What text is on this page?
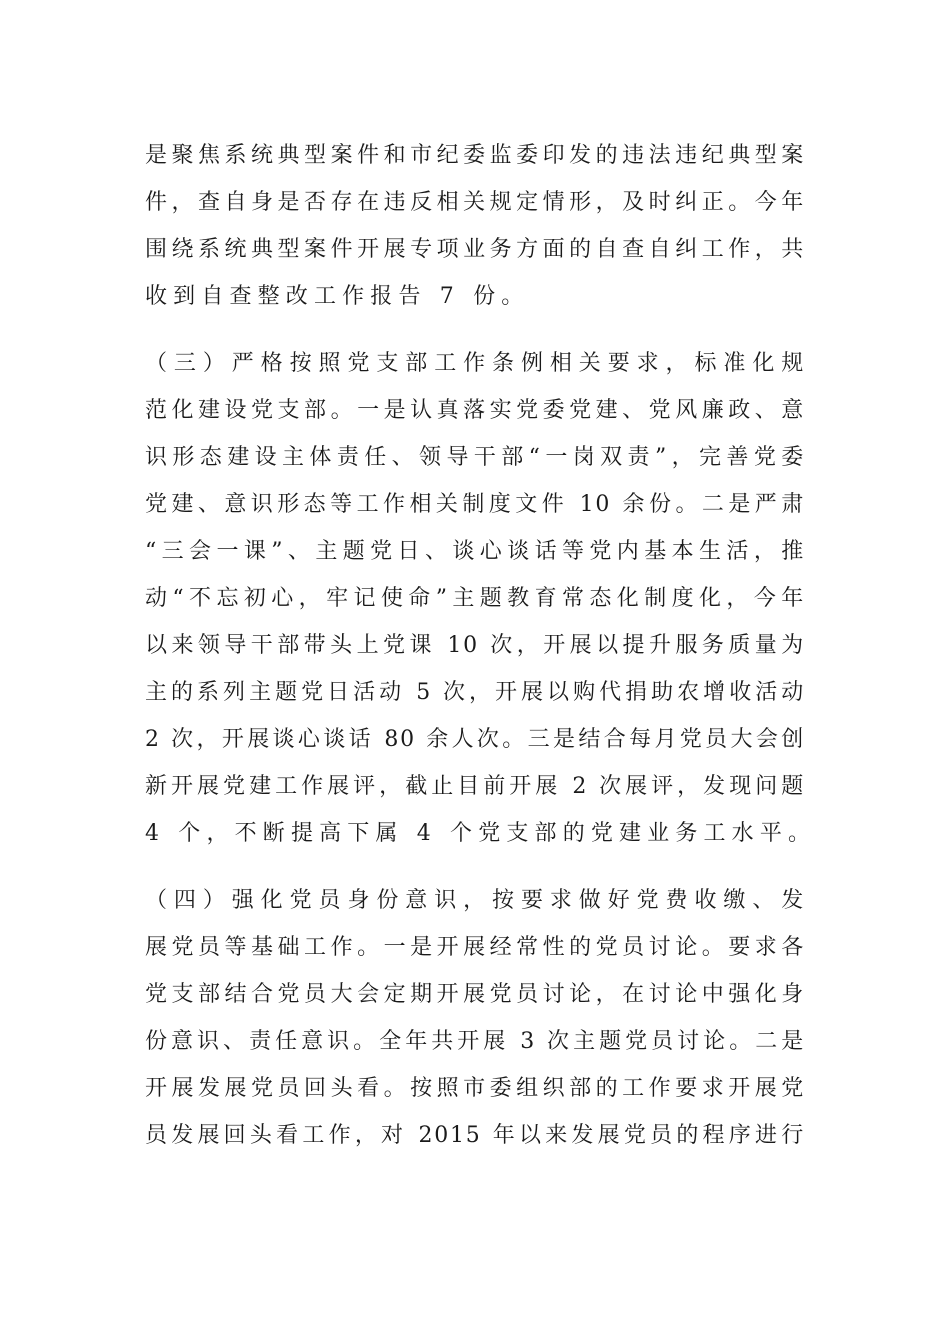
是聚焦系统典型案件和市纪委监委印发的违法违纪典型案
件，查自身是否存在违反相关规定情形，及时纠正。今年
围绕系统典型案件开展专项业务方面的自查自纠工作，共
收到自查整改工作报告 7 份。
（三）严格按照党支部工作条例相关要求，标准化规
范化建设党支部。一是认真落实党委党建、党风廉政、意
识形态建设主体责任、领导干部“一岗双责”，完善党委
党建、意识形态等工作相关制度文件 10 余份。二是严肃
“三会一课”、主题党日、谈心谈话等党内基本生活，推
动“不忘初心，牢记使命”主题教育常态化制度化，今年
以来领导干部带头上党课 10 次，开展以提升服务质量为
主的系列主题党日活动 5 次，开展以购代捐助农增收活动
2 次，开展谈心谈话 80 余人次。三是结合每月党员大会创
新开展党建工作展评，截止目前开展 2 次展评，发现问题
4 个，不断提高下属 4 个党支部的党建业务工水平。
（四）强化党员身份意识，按要求做好党费收缴、发
展党员等基础工作。一是开展经常性的党员讨论。要求各
党支部结合党员大会定期开展党员讨论，在讨论中强化身
份意识、责任意识。全年共开展 3 次主题党员讨论。二是
开展发展党员回头看。按照市委组织部的工作要求开展党
员发展回头看工作，对 2015 年以来发展党员的程序进行
